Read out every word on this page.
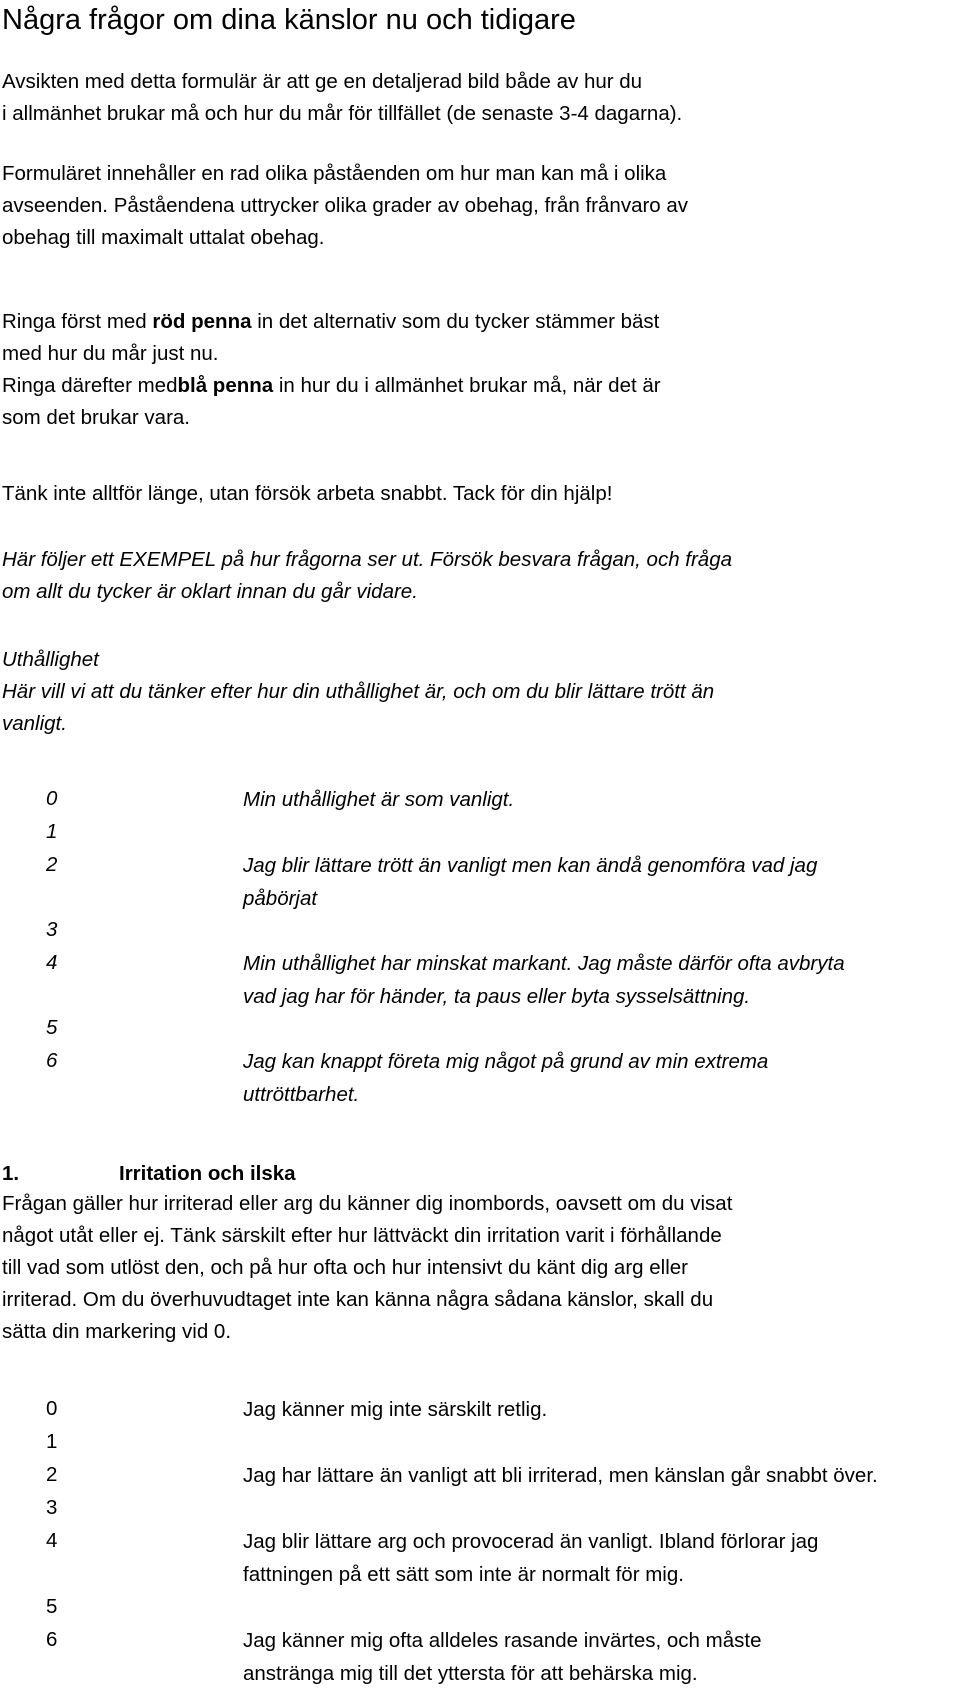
Några frågor om dina känslor nu och tidigare
Avsikten med detta formulär är att ge en detaljerad bild både av hur du
i allmänhet brukar må och hur du mår för tillfället (de senaste 3-4 dagarna).
Formuläret innehåller en rad olika påståenden om hur man kan må i olika
avseenden. Påståendena uttrycker olika grader av obehag, från frånvaro av
obehag till maximalt uttalat obehag.
Ringa först med röd penna in det alternativ som du tycker stämmer bäst
med hur du mår just nu.
Ringa därefter medblå penna in hur du i allmänhet brukar må, när det är
som det brukar vara.
Tänk inte alltför länge, utan försök arbeta snabbt. Tack för din hjälp!
Här följer ett EXEMPEL på hur frågorna ser ut. Försök besvara frågan, och fråga
om allt du tycker är oklart innan du går vidare.
Uthållighet
Här vill vi att du tänker efter hur din uthållighet är, och om du blir lättare trött än
vanligt.
0
1
2
3
4
5
6
Min uthållighet är som vanligt.
Jag blir lättare trött än vanligt men kan ändå genomföra vad jag
påbörjat
Min uthållighet har minskat markant. Jag måste därför ofta avbryta
vad jag har för händer, ta paus eller byta sysselsättning.
Jag kan knappt företa mig något på grund av min extrema
uttröttbarhet.
1.	Irritation och ilska
Frågan gäller hur irriterad eller arg du känner dig inombords, oavsett om du visat
något utåt eller ej. Tänk särskilt efter hur lättväckt din irritation varit i förhållande
till vad som utlöst den, och på hur ofta och hur intensivt du känt dig arg eller
irriterad. Om du överhuvudtaget inte kan känna några sådana känslor, skall du
sätta din markering vid 0.
0
1
2
3
4
5
6
Jag känner mig inte särskilt retlig.
Jag har lättare än vanligt att bli irriterad, men känslan går snabbt över.
Jag blir lättare arg och provocerad än vanligt. Ibland förlorar jag
fattningen på ett sätt som inte är normalt för mig.
Jag känner mig ofta alldeles rasande invärtes, och måste
anstränga mig till det yttersta för att behärska mig.
